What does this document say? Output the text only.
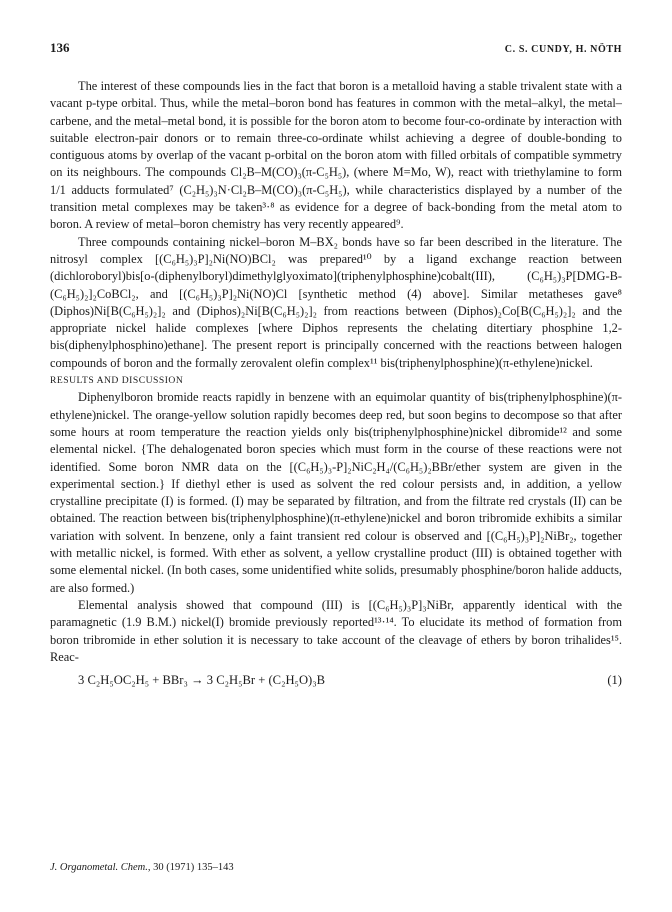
136	C. S. CUNDY, H. NÖTH

The interest of these compounds lies in the fact that boron is a metalloid having a stable trivalent state with a vacant p-type orbital. Thus, while the metal–boron bond has features in common with the metal–alkyl, the metal–carbene, and the metal–metal bond, it is possible for the boron atom to become four-co-ordinate by interaction with suitable electron-pair donors or to remain three-co-ordinate whilst achieving a degree of double-bonding to contiguous atoms by overlap of the vacant p-orbital on the boron atom with filled orbitals of compatible symmetry on its neighbours. The compounds Cl₂B–M(CO)₃(π-C₅H₅), (where M=Mo, W), react with triethylamine to form 1/1 adducts formulated⁷ (C₂H₅)₃N·Cl₂B–M(CO)₃(π-C₅H₅), while characteristics displayed by a number of the transition metal complexes may be taken³·⁸ as evidence for a degree of back-bonding from the metal atom to boron. A review of metal–boron chemistry has very recently appeared⁹.

Three compounds containing nickel–boron M–BX₂ bonds have so far been described in the literature. The nitrosyl complex [(C₆H₅)₃P]₂Ni(NO)BCl₂ was prepared¹⁰ by a ligand exchange reaction between (dichloroboryl)bis[o-(diphenylboryl)dimethylglyoximato](triphenylphosphine)cobalt(III), (C₆H₅)₃P[DMG-B-(C₆H₅)₂]₂CoBCl₂, and [(C₆H₅)₃P]₂Ni(NO)Cl [synthetic method (4) above]. Similar metatheses gave⁸ (Diphos)Ni[B(C₆H₅)₂]₂ and (Diphos)₂Ni[B(C₆H₅)₂]₂ from reactions between (Diphos)₂Co[B(C₆H₅)₂]₂ and the appropriate nickel halide complexes [where Diphos represents the chelating ditertiary phosphine 1,2-bis(diphenylphosphino)ethane]. The present report is principally concerned with the reactions between halogen compounds of boron and the formally zerovalent olefin complex¹¹ bis(triphenylphosphine)(π-ethylene)nickel.

RESULTS AND DISCUSSION

Diphenylboron bromide reacts rapidly in benzene with an equimolar quantity of bis(triphenylphosphine)(π-ethylene)nickel. The orange-yellow solution rapidly becomes deep red, but soon begins to decompose so that after some hours at room temperature the reaction yields only bis(triphenylphosphine)nickel dibromide¹² and some elemental nickel. {The dehalogenated boron species which must form in the course of these reactions were not identified. Some boron NMR data on the [(C₆H₅)₃-P]₂NiC₂H₄/(C₆H₅)₂BBr/ether system are given in the experimental section.} If diethyl ether is used as solvent the red colour persists and, in addition, a yellow crystalline precipitate (I) is formed. (I) may be separated by filtration, and from the filtrate red crystals (II) can be obtained. The reaction between bis(triphenylphosphine)(π-ethylene)nickel and boron tribromide exhibits a similar variation with solvent. In benzene, only a faint transient red colour is observed and [(C₆H₅)₃P]₂NiBr₂, together with metallic nickel, is formed. With ether as solvent, a yellow crystalline product (III) is obtained together with some elemental nickel. (In both cases, some unidentified white solids, presumably phosphine/boron halide adducts, are also formed.)

Elemental analysis showed that compound (III) is [(C₆H₅)₃P]₃NiBr, apparently identical with the paramagnetic (1.9 B.M.) nickel(I) bromide previously reported¹³·¹⁴. To elucidate its method of formation from boron tribromide in ether solution it is necessary to take account of the cleavage of ethers by boron trihalides¹⁵. Reac-

3 C₂H₅OC₂H₅ + BBr₃ → 3 C₂H₅Br + (C₂H₅O)₃B	(1)
J. Organometal. Chem., 30 (1971) 135–143
